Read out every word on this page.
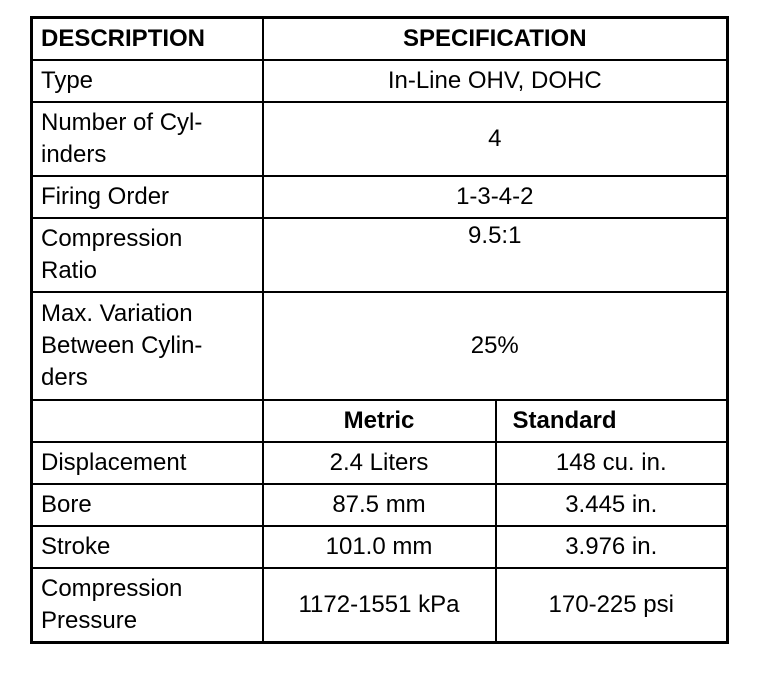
DESCRIPTION	SPECIFICATION	
Type	In-Line OHV, DOHC	
Number of Cyl-
inders	4	
Firing Order	1-3-4-2	
Compression
Ratio	9.5:1	
Max. Variation
Between Cylin-
ders	25%	
	Metric	Standard
Displacement	2.4 Liters	148 cu. in.
Bore	87.5 mm	3.445 in.
Stroke	101.0 mm	3.976 in.
Compression
Pressure	1172-1551 kPa	170-225 psi
